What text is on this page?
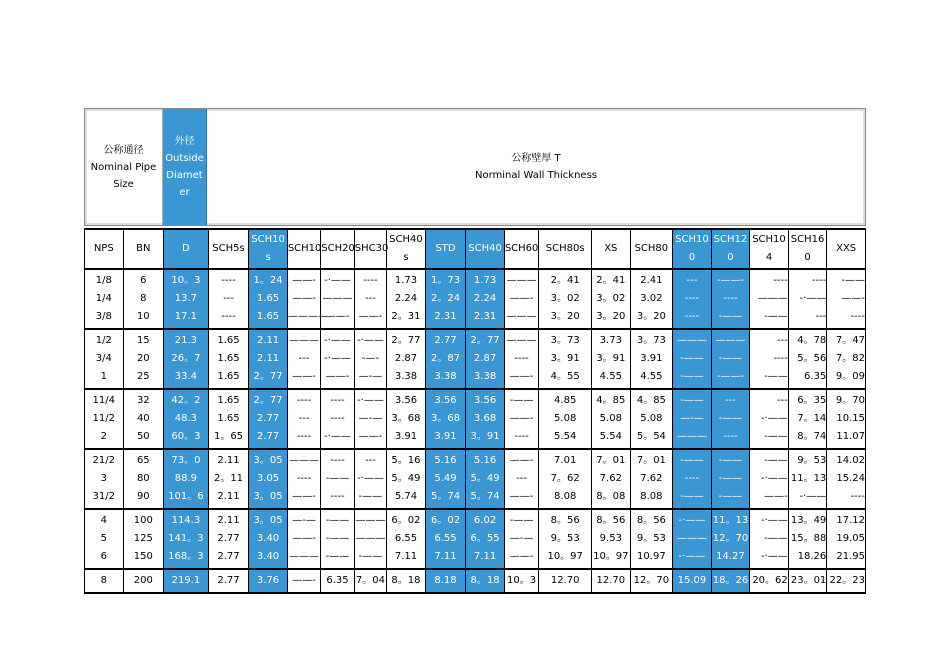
公称通径
Nominal Pipe Size
外径
Outside Diameter
公称壁厚 T
Norminal Wall Thickness
NPS	BN	D	SCH5s	SCH10s	SCH10	SCH20	SHC30	SCH40s	STD	SCH40	SCH60	SCH80s	XS	SCH80	SCH100	SCH120	SCH104	SCH160	XXS
1/8	6	10。3	----	1。24	——-	-·——	----	1.73	1。73	1.73	———	2。41	2。41	2.41	---	-——-	----	----	-——
1/4	8	13.7	---	1.65	——-	———	---	2.24	2。24	2.24	——-	3。02	3。02	3.02	----	----	———	-·——	——-
3/8	10	17.1	----	1.65	————	——-	——-	2。31	2.31	2.31	———	3。20	3。20	3。20	----	-——	-——	---	----
1/2	15	21.3	1.65	2.11	———	-·——	-·——	2。77	2.77	2。77	———	3。73	3.73	3。73	———	———	---	4。78	7。47
3/4	20	26。7	1.65	2.11	---	-·——	-—-	2.87	2。87	2.87	----	3。91	3。91	3.91	-——	-——	----	5。56	7。82
1	25	33.4	1.65	2。77	——-	——-	—-—	3.38	3.38	3.38	——-	4。55	4.55	4.55	-——	-——-	-——	6.35	9。09
11/4	32	42。2	1.65	2。77	----	----	-·——	3.56	3.56	3.56	-——	4.85	4。85	4。85	-——	---	---	6。35	9。70
11/2	40	48.3	1.65	2.77	---	----	—-—	3。68	3。68	3.68	——-	5.08	5.08	5.08	—-—	-——	-·——	7。14	10.15
2	50	60。3	1。65	2.77	----	-·——	——-	3.91	3.91	3。91	----	5.54	5.54	5。54	———	----	-——	8。74	11.07
21/2	65	73。0	2.11	3。05	———	----	---	5。16	5.16	5.16	——-	7.01	7。01	7。01	-——	-——	-——	9。53	14.02
3	80	88.9	2。11	3.05	----	-——	-·——	5。49	5.49	5。49	---	7。62	7.62	7.62	----	-——	-·——	11。13	15.24
31/2	90	101。6	2.11	3。05	——-	----	-——	5.74	5。74	5。74	——-	8.08	8。08	8.08	-——	-——	——-	-·——	----
4	100	114.3	2.11	3。05	—-—	-——	———	6。02	6。02	6.02	-——	8。56	8。56	8。56	-·——	11。13	-·——	13。49	17.12
5	125	141。3	2.77	3.40	——-	-——	———	6.55	6.55	6。55	—-—	9。53	9.53	9。53	———	12。70	-——	15。88	19.05
6	150	168。3	2.77	3.40	———	-——	-——	7.11	7.11	7.11	——-	10。97	10。97	10.97	-·——	14.27	-·——	18.26	21.95
8	200	219.1	2.77	3.76	——-	6.35	7。04	8。18	8.18	8。18	10。3	12.70	12.70	12。70	15.09	18。26	20。62	23。01	22。23
